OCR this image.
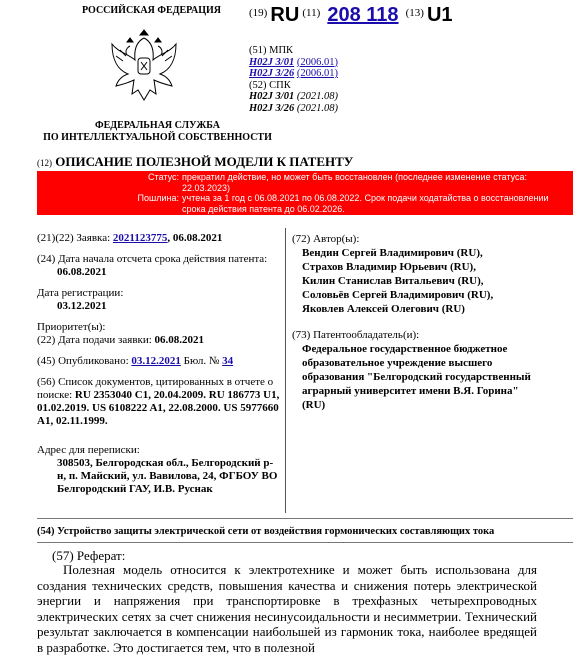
РОССИЙСКАЯ ФЕДЕРАЦИЯ
ФЕДЕРАЛЬНАЯ СЛУЖБА
ПО ИНТЕЛЛЕКТУАЛЬНОЙ СОБСТВЕННОСТИ
(19) RU (11) 208 118 (13) U1
(51) МПК
H02J 3/01 (2006.01)
H02J 3/26 (2006.01)
(52) СПК
H02J 3/01 (2021.08)
H02J 3/26 (2021.08)
(12) ОПИСАНИЕ ПОЛЕЗНОЙ МОДЕЛИ К ПАТЕНТУ
Статус: прекратил действие, но может быть восстановлен (последнее изменение статуса: 22.03.2023)
Пошлина: учтена за 1 год с 06.08.2021 по 06.08.2022. Срок подачи ходатайства о восстановлении срока действия патента до 06.02.2026.
(21)(22) Заявка: 2021123775, 06.08.2021
(24) Дата начала отсчета срока действия патента:
06.08.2021
Дата регистрации:
03.12.2021
Приоритет(ы):
(22) Дата подачи заявки: 06.08.2021
(45) Опубликовано: 03.12.2021 Бюл. № 34
(56) Список документов, цитированных в отчете о поиске: RU 2353040 C1, 20.04.2009. RU 186773 U1, 01.02.2019. US 6108222 A1, 22.08.2000. US 5977660 A1, 02.11.1999.
Адрес для переписки:
308503, Белгородская обл., Белгородский р-н, п. Майский, ул. Вавилова, 24, ФГБОУ ВО Белгородский ГАУ, И.В. Руснак
(72) Автор(ы):
Вендин Сергей Владимирович (RU),
Страхов Владимир Юрьевич (RU),
Килин Станислав Витальевич (RU),
Соловьёв Сергей Владимирович (RU),
Яковлев Алексей Олегович (RU)
(73) Патентообладатель(и):
Федеральное государственное бюджетное образовательное учреждение высшего образования "Белгородский государственный аграрный университет имени В.Я. Горина" (RU)
(54) Устройство защиты электрической сети от воздействия гормонических составляющих тока
(57) Реферат:
Полезная модель относится к электротехнике и может быть использована для создания технических средств, повышения качества и снижения потерь электрической энергии и напряжения при транспортировке в трехфазных четырехпроводных электрических сетях за счет снижения несинусоидальности и несимметрии. Технический результат заключается в компенсации наибольшей из гармоник тока, наиболее вредящей в разработке. Это достигается тем, что в полезной
